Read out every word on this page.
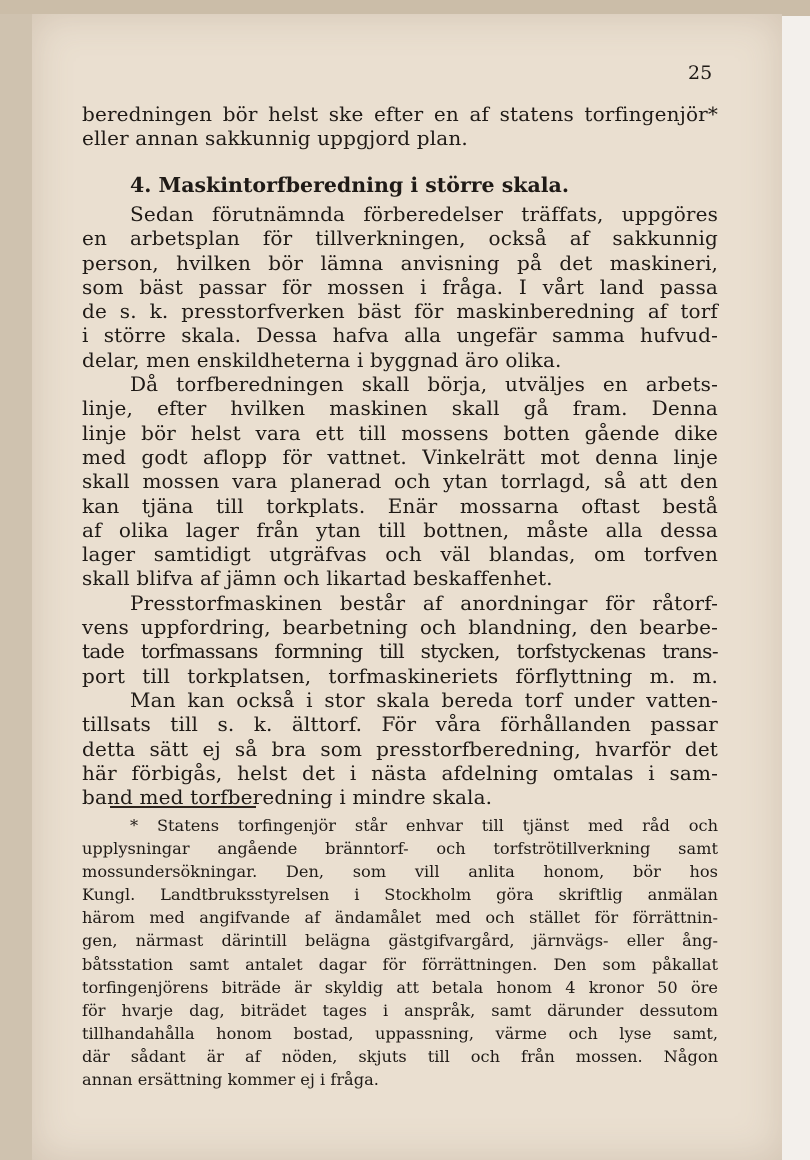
25
beredningen bör helst ske efter en af statens torfingenjör*
eller annan sakkunnig uppgjord plan.
4. Maskintorfberedning i större skala.
Sedan förutnämnda förberedelser träffats, uppgöres
en arbetsplan för tillverkningen, också af sakkunnig
person, hvilken bör lämna anvisning på det maskineri,
som bäst passar för mossen i fråga. I vårt land passa
de s. k. presstorfverken bäst för maskinberedning af torf
i större skala. Dessa hafva alla ungefär samma hufvud-
delar, men enskildheterna i byggnad äro olika.
Då torfberedningen skall börja, utväljes en arbets-
linje, efter hvilken maskinen skall gå fram. Denna
linje bör helst vara ett till mossens botten gående dike
med godt aflopp för vattnet. Vinkelrätt mot denna linje
skall mossen vara planerad och ytan torrlagd, så att den
kan tjäna till torkplats. Enär mossarna oftast bestå
af olika lager från ytan till bottnen, måste alla dessa
lager samtidigt utgräfvas och väl blandas, om torfven
skall blifva af jämn och likartad beskaffenhet.
Presstorfmaskinen består af anordningar för råtorf-
vens uppfordring, bearbetning och blandning, den bearbe-
tade torfmassans formning till stycken, torfstyckenas trans-
port till torkplatsen, torfmaskineriets förflyttning m. m.
Man kan också i stor skala bereda torf under vatten-
tillsats till s. k. älttorf. För våra förhållanden passar
detta sätt ej så bra som presstorfberedning, hvarför det
här förbigås, helst det i nästa afdelning omtalas i sam-
band med torfberedning i mindre skala.
* Statens torfingenjör står enhvar till tjänst med råd och
upplysningar angående bränntorf- och torfströtillverkning samt
mossundersökningar. Den, som vill anlita honom, bör hos
Kungl. Landtbruksstyrelsen i Stockholm göra skriftlig anmälan
härom med angifvande af ändamålet med och stället för förrättnin-
gen, närmast därintill belägna gästgifvargård, järnvägs- eller ång-
båtsstation samt antalet dagar för förrättningen. Den som påkallat
torfingenjörens biträde är skyldig att betala honom 4 kronor 50 öre
för hvarje dag, biträdet tages i anspråk, samt därunder dessutom
tillhandahålla honom bostad, uppassning, värme och lyse samt,
där sådant är af nöden, skjuts till och från mossen. Någon
annan ersättning kommer ej i fråga.
